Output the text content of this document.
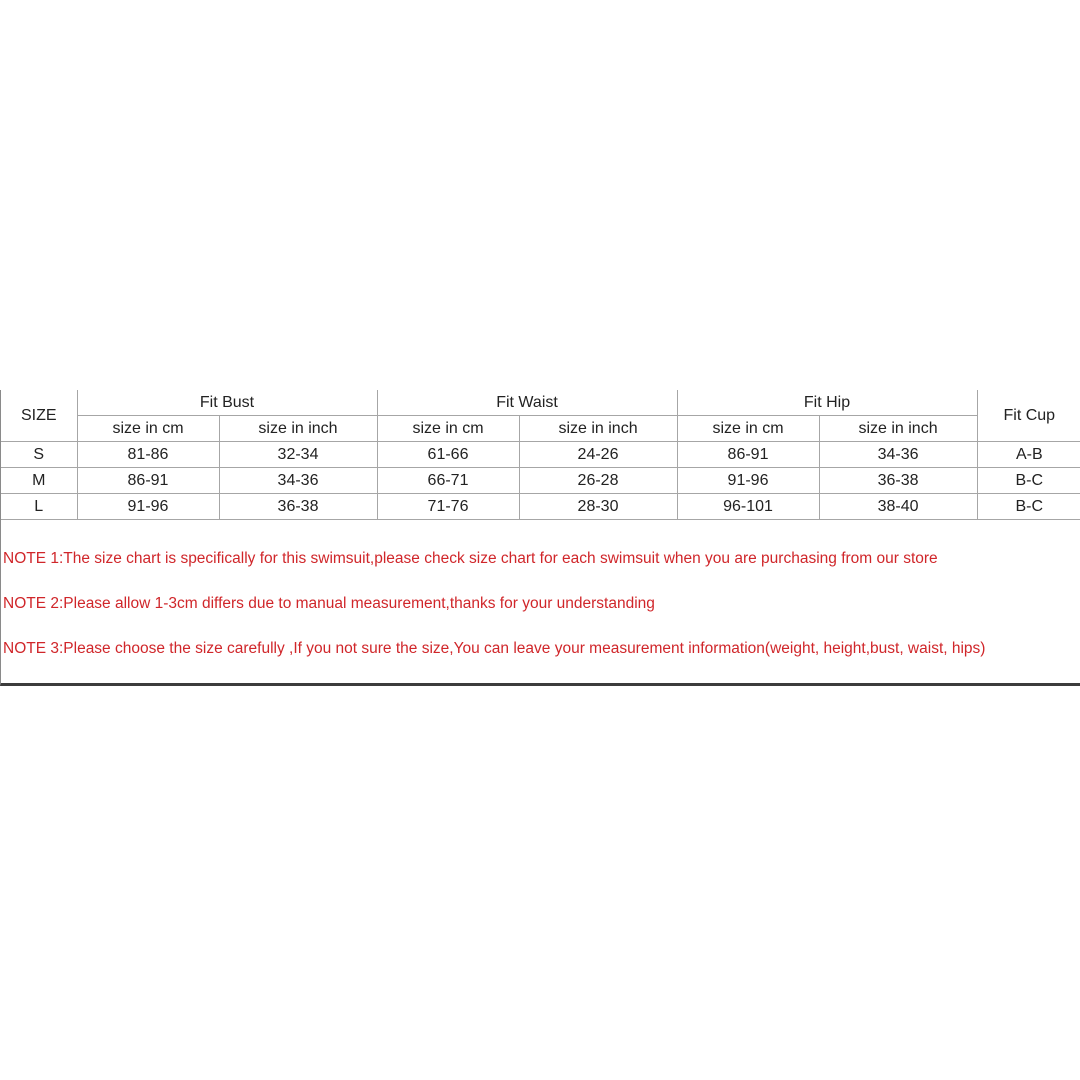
SIZE	Fit Bust		Fit Waist		Fit Hip		Fit Cup
	size in cm	size in inch	size in cm	size in inch	size in cm	size in inch	
S	81-86	32-34	61-66	24-26	86-91	34-36	A-B
M	86-91	34-36	66-71	26-28	91-96	36-38	B-C
L	91-96	36-38	71-76	28-30	96-101	38-40	B-C
NOTE 1:The size chart is specifically for this swimsuit,please check size chart for each swimsuit when you are purchasing from our store
NOTE 2:Please allow 1-3cm differs due to manual measurement,thanks for your understanding
NOTE 3:Please choose the size carefully ,If you not sure the size,You can leave your measurement information(weight, height,bust, waist, hips)
